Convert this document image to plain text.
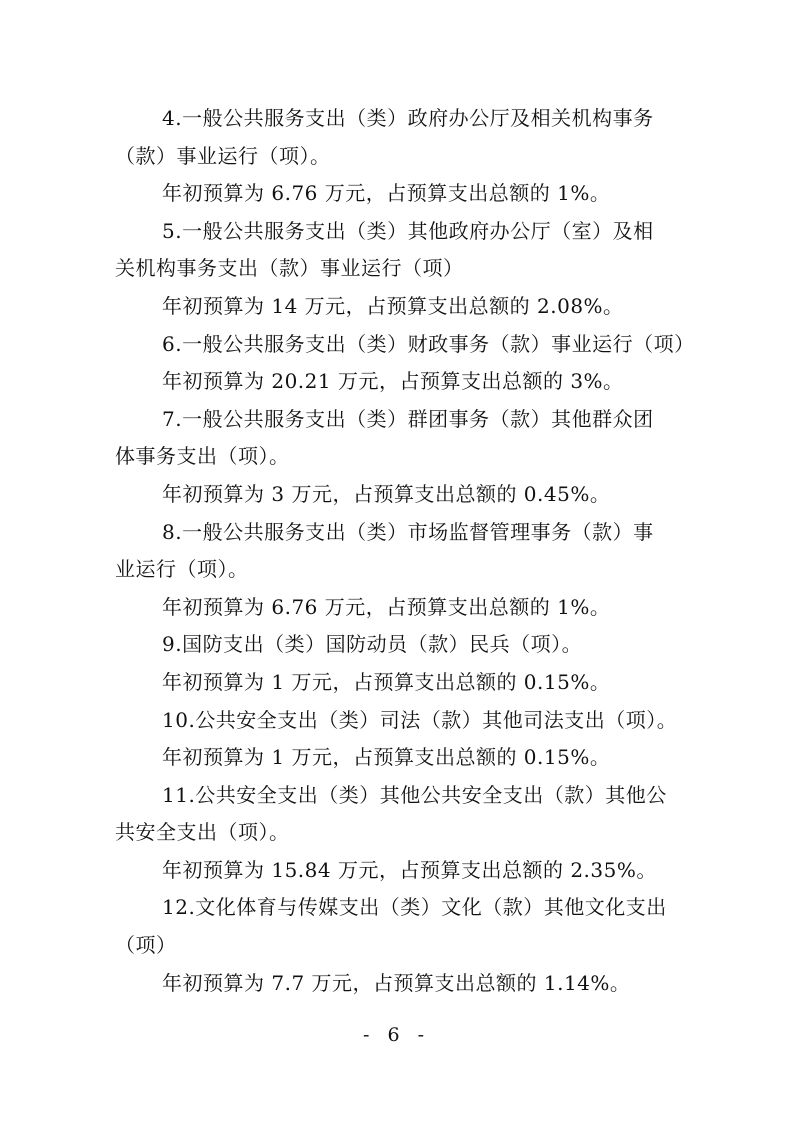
4.一般公共服务支出（类）政府办公厅及相关机构事务
（款）事业运行（项）。
年初预算为 6.76 万元，占预算支出总额的 1%。
5.一般公共服务支出（类）其他政府办公厅（室）及相
关机构事务支出（款）事业运行（项）
年初预算为 14 万元，占预算支出总额的 2.08%。
6.一般公共服务支出（类）财政事务（款）事业运行（项）
年初预算为 20.21 万元，占预算支出总额的 3%。
7.一般公共服务支出（类）群团事务（款）其他群众团
体事务支出（项）。
年初预算为 3 万元，占预算支出总额的 0.45%。
8.一般公共服务支出（类）市场监督管理事务（款）事
业运行（项）。
年初预算为 6.76 万元，占预算支出总额的 1%。
9.国防支出（类）国防动员（款）民兵（项）。
年初预算为 1 万元，占预算支出总额的 0.15%。
10.公共安全支出（类）司法（款）其他司法支出（项）。
年初预算为 1 万元，占预算支出总额的 0.15%。
11.公共安全支出（类）其他公共安全支出（款）其他公
共安全支出（项）。
年初预算为 15.84 万元，占预算支出总额的 2.35%。
12.文化体育与传媒支出（类）文化（款）其他文化支出
（项）
年初预算为 7.7 万元，占预算支出总额的 1.14%。
- 6 -
